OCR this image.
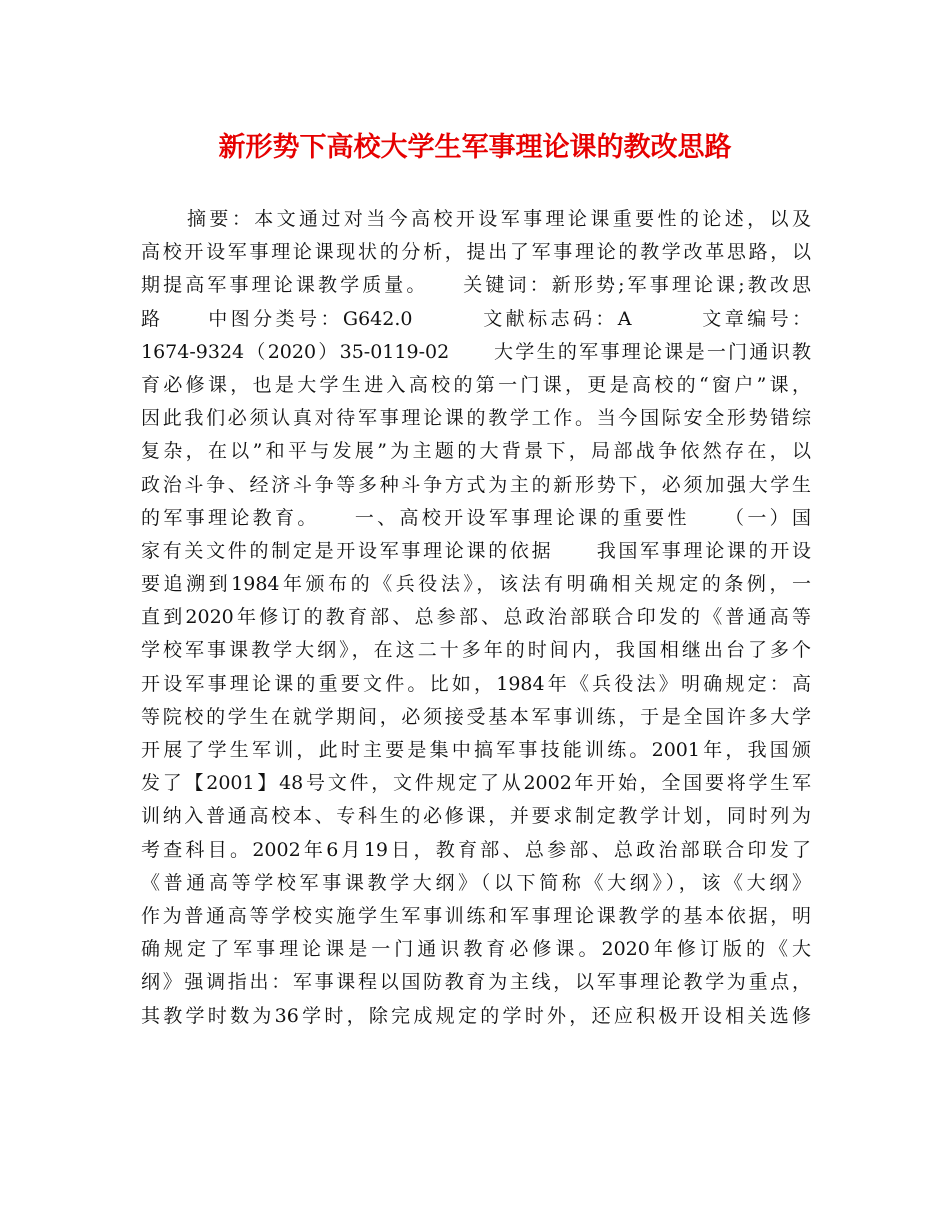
新形势下高校大学生军事理论课的教改思路
摘要：本文通过对当今高校开设军事理论课重要性的论述，以及
高校开设军事理论课现状的分析，提出了军事理论的教学改革思路，以
期提高军事理论课教学质量。　　关键词：新形势;军事理论课;教改思
路　　中图分类号：G642.0　　　文献标志码：A　　　文章编号：
1674-9324（2020）35-0119-02　　大学生的军事理论课是一门通识教
育必修课，也是大学生进入高校的第一门课，更是高校的“窗户”课，
因此我们必须认真对待军事理论课的教学工作。当今国际安全形势错综
复杂，在以”和平与发展”为主题的大背景下，局部战争依然存在，以
政治斗争、经济斗争等多种斗争方式为主的新形势下，必须加强大学生
的军事理论教育。　　一、高校开设军事理论课的重要性　　（一）国
家有关文件的制定是开设军事理论课的依据　　我国军事理论课的开设
要追溯到1984年颁布的《兵役法》，该法有明确相关规定的条例，一
直到2020年修订的教育部、总参部、总政治部联合印发的《普通高等
学校军事课教学大纲》，在这二十多年的时间内，我国相继出台了多个
开设军事理论课的重要文件。比如，1984年《兵役法》明确规定：高
等院校的学生在就学期间，必须接受基本军事训练，于是全国许多大学
开展了学生军训，此时主要是集中搞军事技能训练。2001年，我国颁
发了【2001】48号文件，文件规定了从2002年开始，全国要将学生军
训纳入普通高校本、专科生的必修课，并要求制定教学计划，同时列为
考查科目。2002年6月19日，教育部、总参部、总政治部联合印发了
《普通高等学校军事课教学大纲》（以下简称《大纲》），该《大纲》
作为普通高等学校实施学生军事训练和军事理论课教学的基本依据，明
确规定了军事理论课是一门通识教育必修课。2020年修订版的《大
纲》强调指出：军事课程以国防教育为主线，以军事理论教学为重点，
其教学时数为36学时，除完成规定的学时外，还应积极开设相关选修
